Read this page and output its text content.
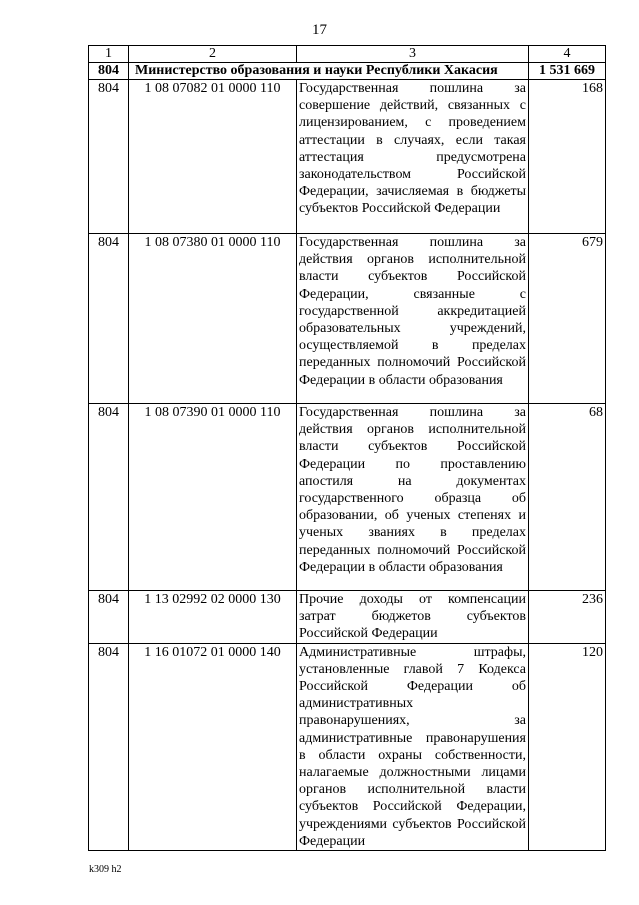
17
1	2	3	4
804	Министерство образования и науки Республики Хакасия		1 531 669
804	1 08 07082 01 0000 110	Государственная пошлина за совершение действий, связанных с лицензированием, с проведением аттестации в случаях, если такая аттестация предусмотрена законодательством Российской Федерации, зачисляемая в бюджеты субъектов Российской Федерации	168
804	1 08 07380 01 0000 110	Государственная пошлина за действия органов исполнительной власти субъектов Российской Федерации, связанные с государственной аккредитацией образовательных учреждений, осуществляемой в пределах переданных полномочий Российской Федерации в области образования	679
804	1 08 07390 01 0000 110	Государственная пошлина за действия органов исполнительной власти субъектов Российской Федерации по проставлению апостиля на документах государственного образца об образовании, об ученых степенях и ученых званиях в пределах переданных полномочий Российской Федерации в области образования	68
804	1 13 02992 02 0000 130	Прочие доходы от компенсации затрат бюджетов субъектов Российской Федерации	236
804	1 16 01072 01 0000 140	Административные штрафы, установленные главой 7 Кодекса Российской Федерации об административных правонарушениях, за административные правонарушения в области охраны собственности, налагаемые должностными лицами органов исполнительной власти субъектов Российской Федерации, учреждениями субъектов Российской Федерации	120
k309 h2
